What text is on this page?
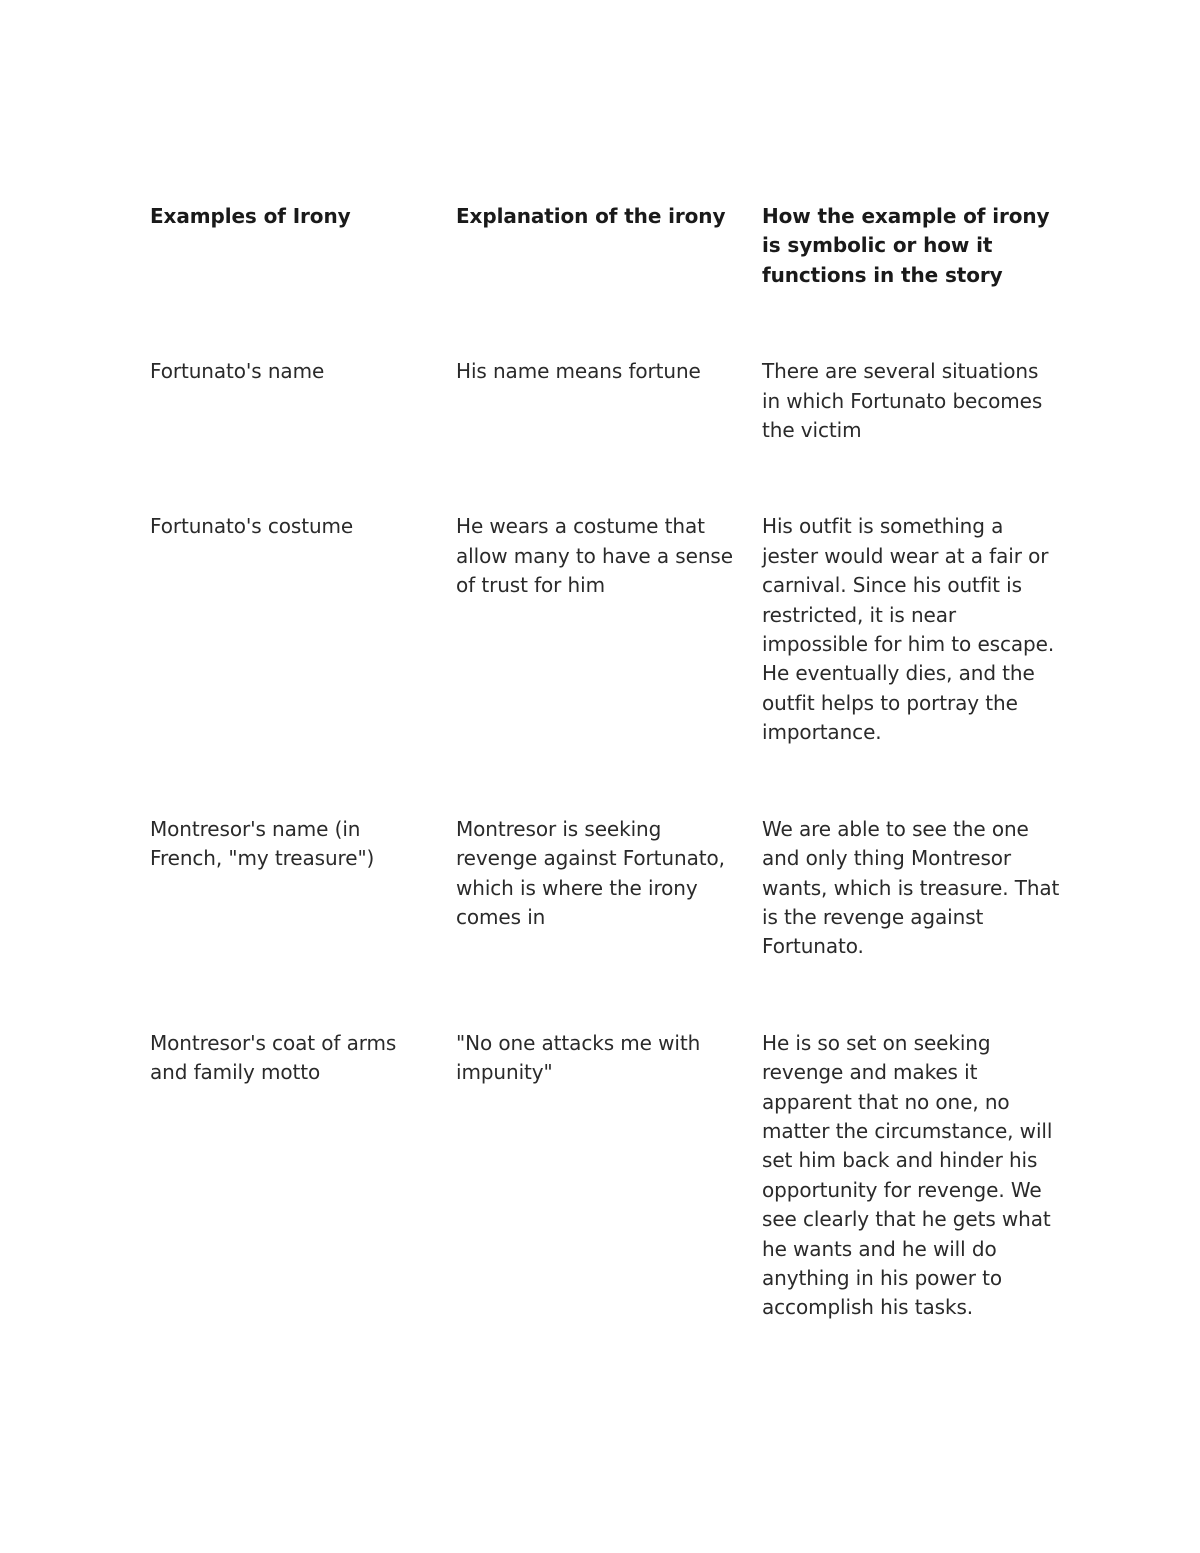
Examples of Irony	Explanation of the irony	How the example of irony is symbolic or how it functions in the story
Fortunato's name	His name means fortune	There are several situations in which Fortunato becomes the victim
Fortunato's costume	He wears a costume that allow many to have a sense of trust for him	His outfit is something a jester would wear at a fair or carnival. Since his outfit is restricted, it is near impossible for him to escape. He eventually dies, and the outfit helps to portray the importance.
Montresor's name (in French, "my treasure")	Montresor is seeking revenge against Fortunato, which is where the irony comes in	We are able to see the one and only thing Montresor wants, which is treasure. That is the revenge against Fortunato.
Montresor's coat of arms and family motto	"No one attacks me with impunity"	He is so set on seeking revenge and makes it apparent that no one, no matter the circumstance, will set him back and hinder his opportunity for revenge. We see clearly that he gets what he wants and he will do anything in his power to accomplish his tasks.
